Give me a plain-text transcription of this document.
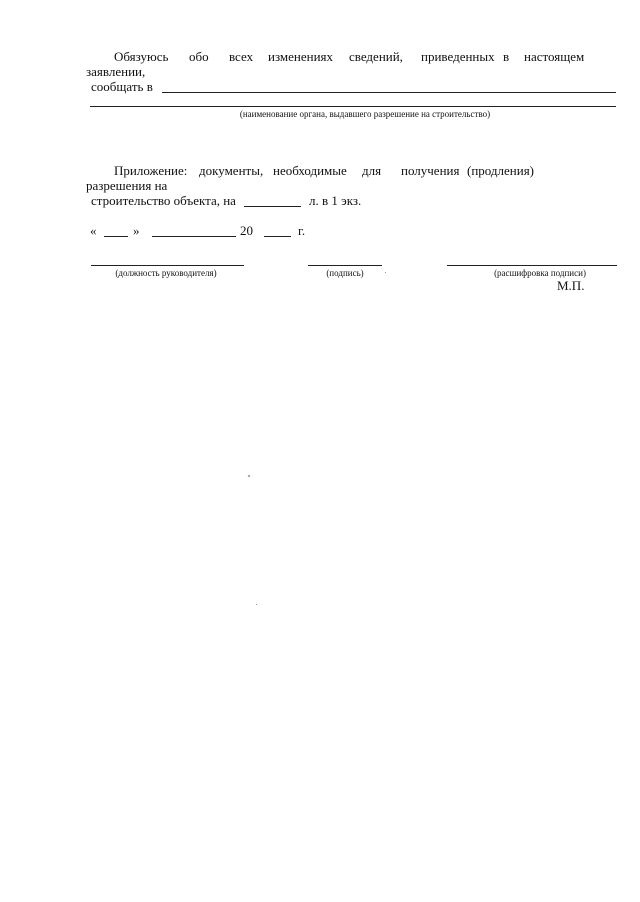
Обязуюсь обо всех изменениях сведений, приведенных в настоящем
заявлении,
сообщать в
(наименование органа, выдавшего разрешение на строительство)
Приложение: документы, необходимые для получения (продления)
разрешения на
строительство объекта, на	л. в 1 экз.
«	»	20	г.
(должность руководителя)	(подпись)	(расшифровка подписи)
М.П.
